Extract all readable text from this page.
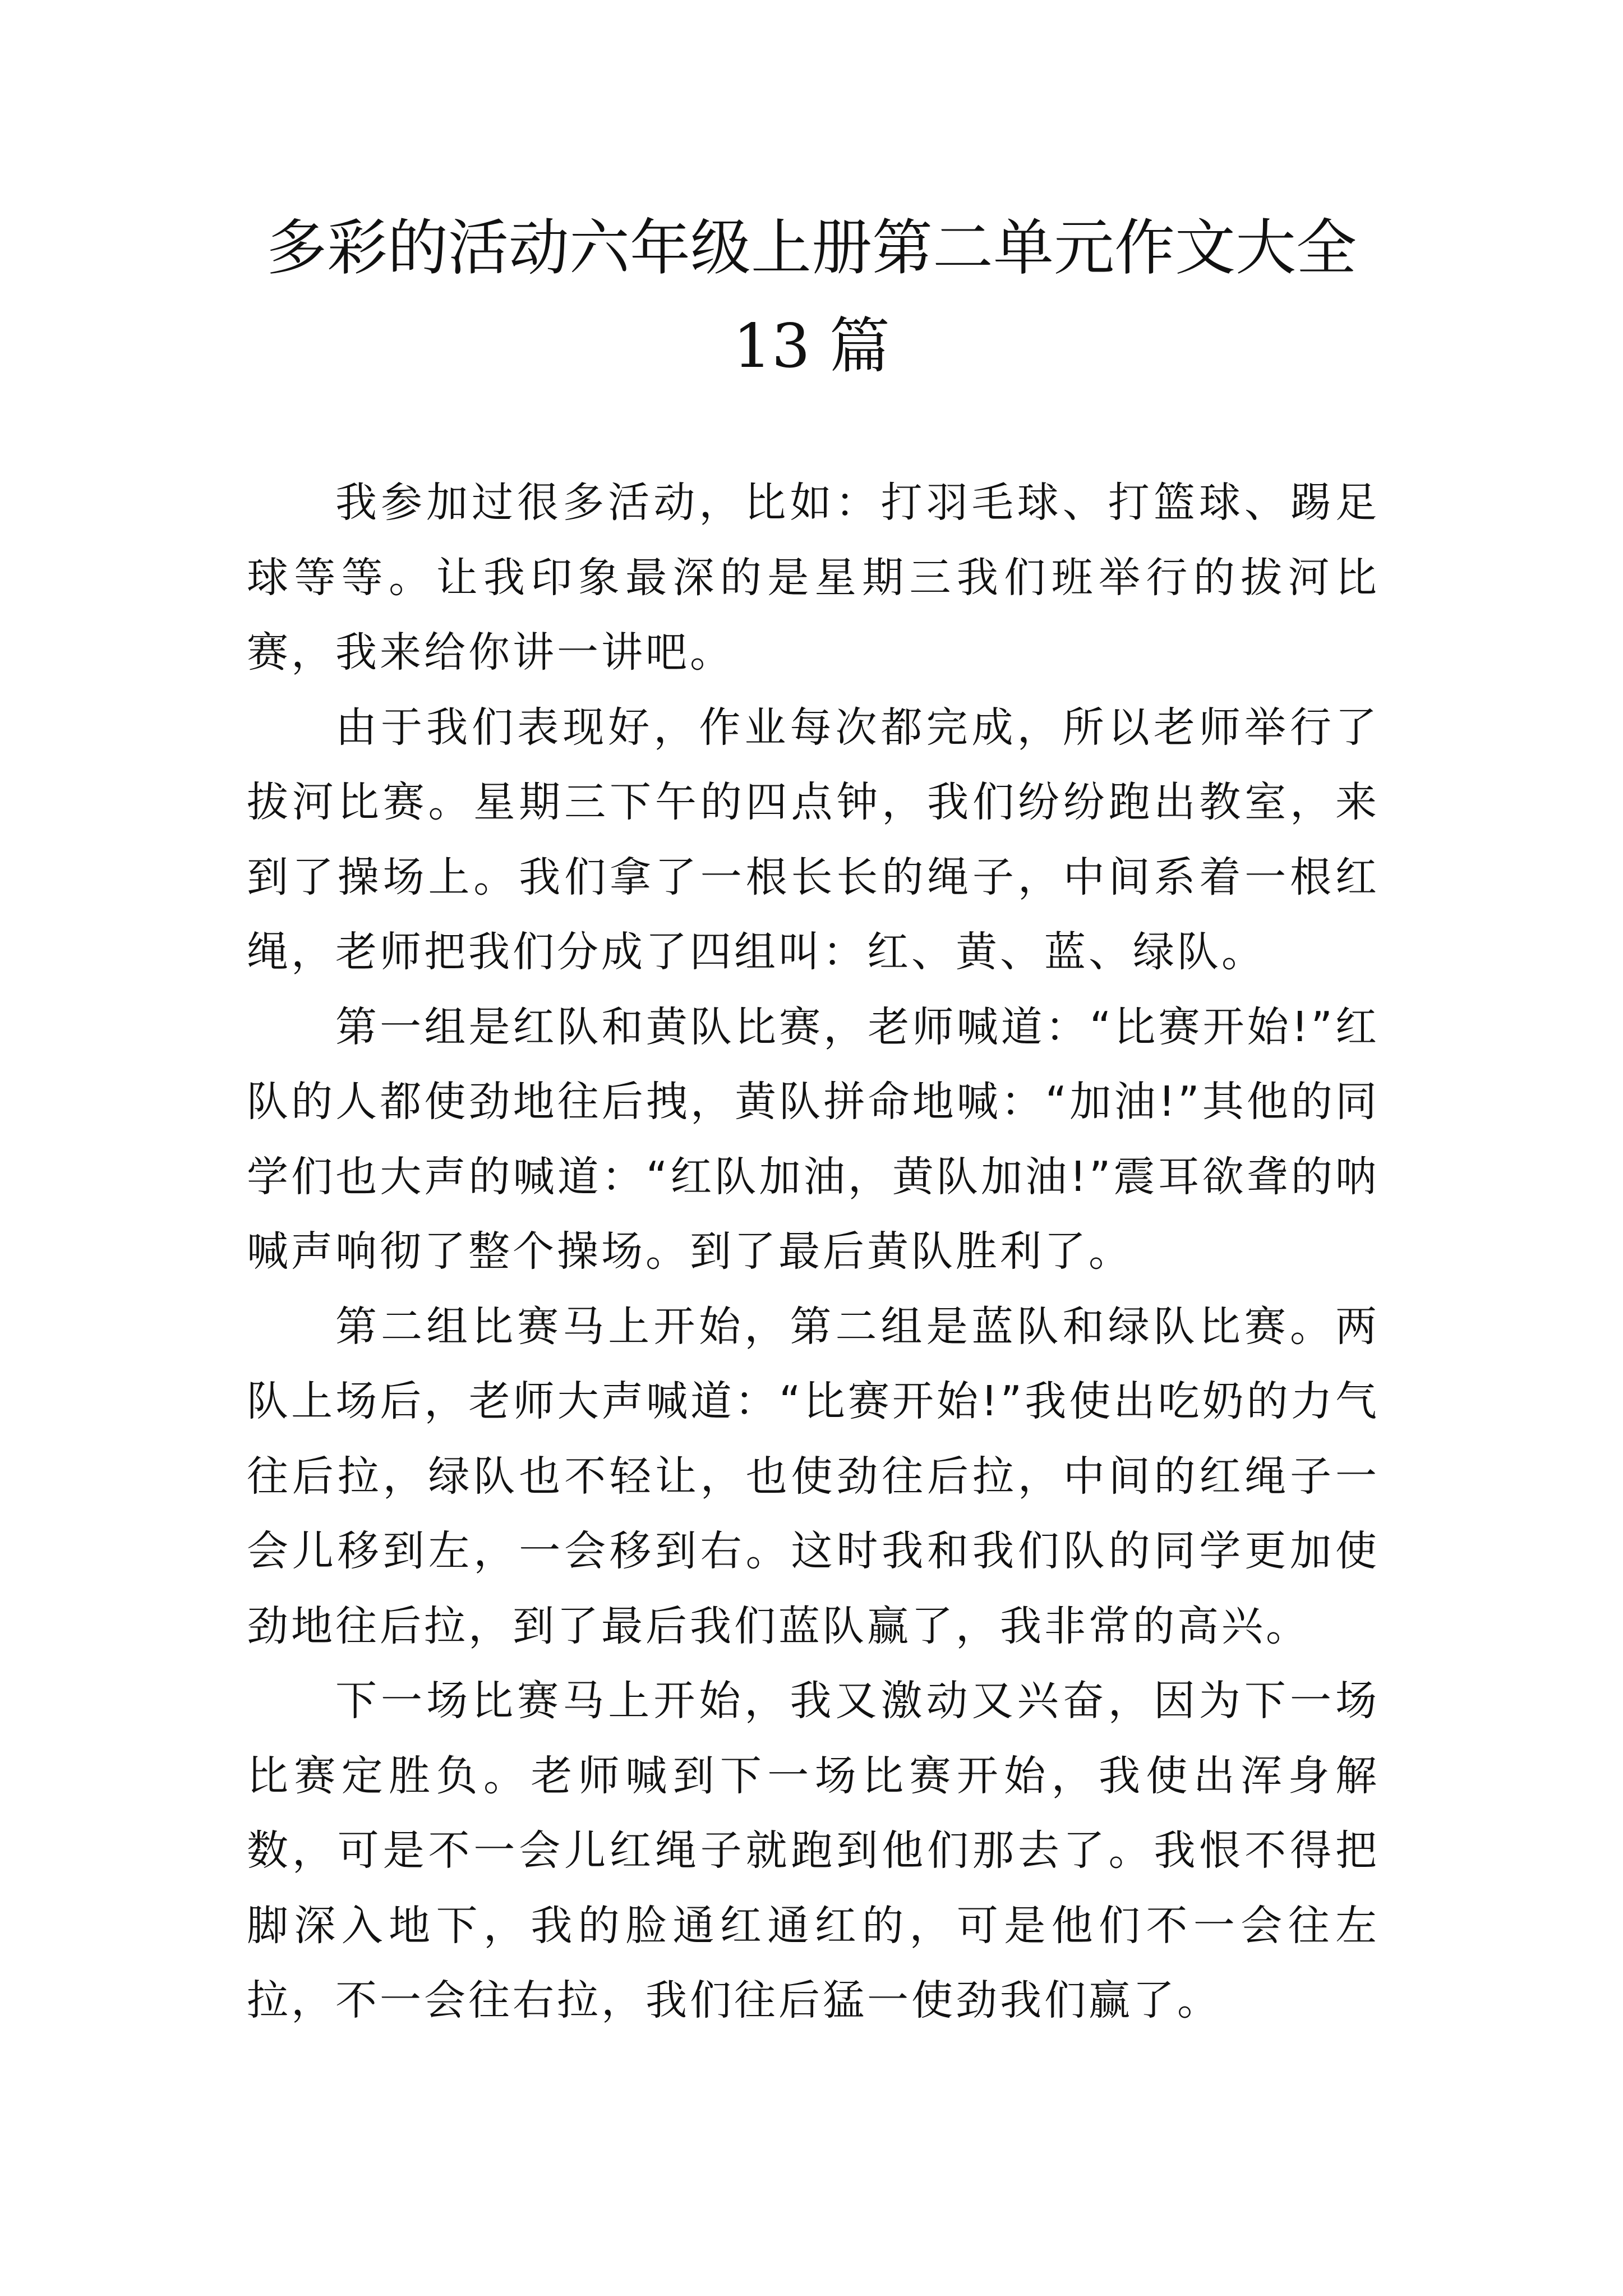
多彩的活动六年级上册第二单元作文大全
13 篇

我参加过很多活动，比如：打羽毛球、打篮球、踢足球等等。让我印象最深的是星期三我们班举行的拔河比赛，我来给你讲一讲吧。

由于我们表现好，作业每次都完成，所以老师举行了拔河比赛。星期三下午的四点钟，我们纷纷跑出教室，来到了操场上。我们拿了一根长长的绳子，中间系着一根红绳，老师把我们分成了四组叫：红、黄、蓝、绿队。

第一组是红队和黄队比赛，老师喊道：“比赛开始!”红队的人都使劲地往后拽，黄队拼命地喊：“加油!”其他的同学们也大声的喊道：“红队加油，黄队加油!”震耳欲聋的呐喊声响彻了整个操场。到了最后黄队胜利了。

第二组比赛马上开始，第二组是蓝队和绿队比赛。两队上场后，老师大声喊道：“比赛开始!”我使出吃奶的力气往后拉，绿队也不轻让，也使劲往后拉，中间的红绳子一会儿移到左，一会移到右。这时我和我们队的同学更加使劲地往后拉，到了最后我们蓝队赢了，我非常的高兴。

下一场比赛马上开始，我又激动又兴奋，因为下一场比赛定胜负。老师喊到下一场比赛开始，我使出浑身解数，可是不一会儿红绳子就跑到他们那去了。我恨不得把脚深入地下，我的脸通红通红的，可是他们不一会往左拉，不一会往右拉，我们往后猛一使劲我们赢了。
